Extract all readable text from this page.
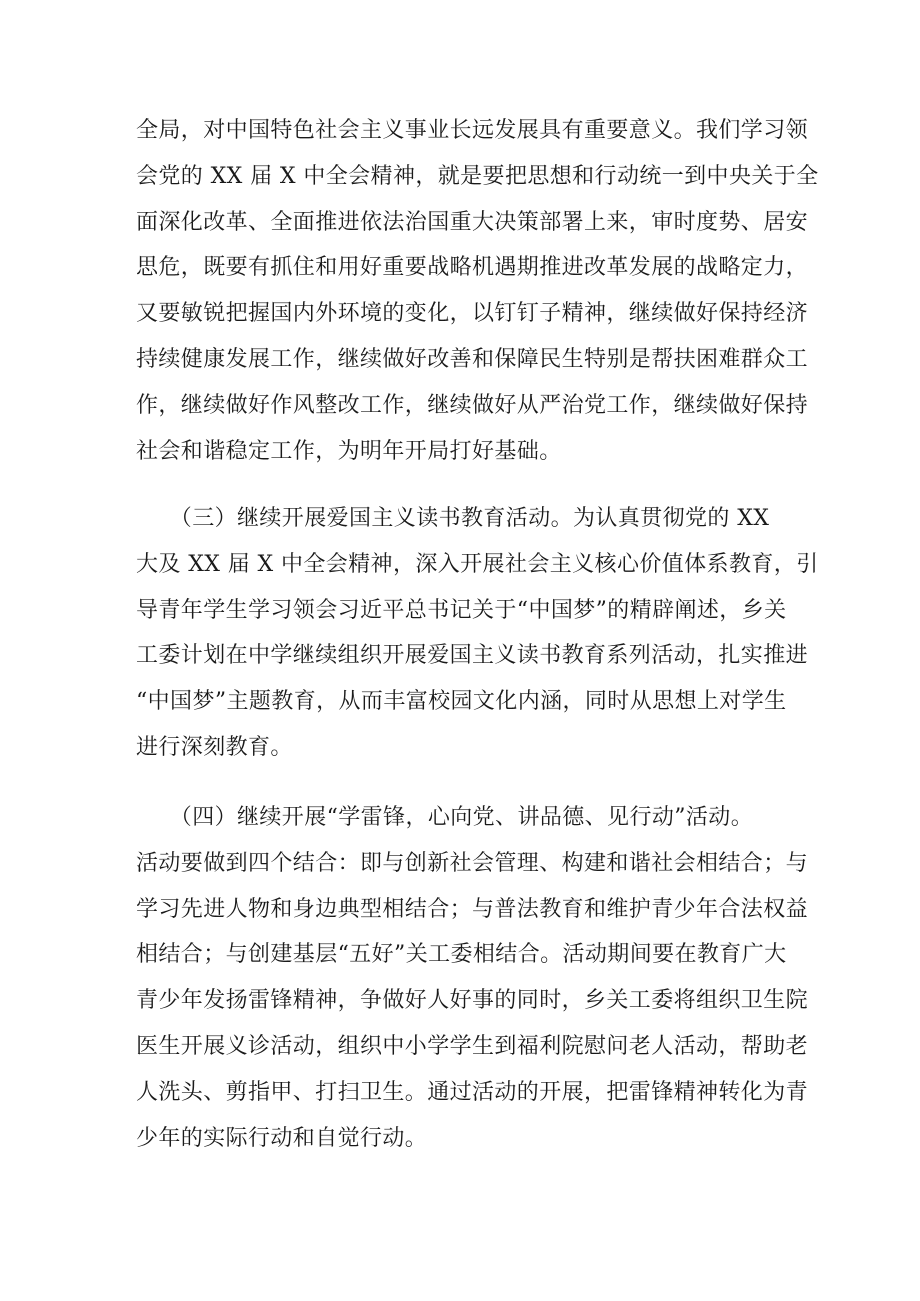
全局，对中国特色社会主义事业长远发展具有重要意义。我们学习领
会党的 XX 届 X 中全会精神，就是要把思想和行动统一到中央关于全
面深化改革、全面推进依法治国重大决策部署上来，审时度势、居安
思危，既要有抓住和用好重要战略机遇期推进改革发展的战略定力，
又要敏锐把握国内外环境的变化，以钉钉子精神，继续做好保持经济
持续健康发展工作，继续做好改善和保障民生特别是帮扶困难群众工
作，继续做好作风整改工作，继续做好从严治党工作，继续做好保持
社会和谐稳定工作，为明年开局打好基础。
　　（三）继续开展爱国主义读书教育活动。为认真贯彻党的 XX
大及 XX 届 X 中全会精神，深入开展社会主义核心价值体系教育，引
导青年学生学习领会习近平总书记关于“中国梦”的精辟阐述，乡关
工委计划在中学继续组织开展爱国主义读书教育系列活动，扎实推进
“中国梦”主题教育，从而丰富校园文化内涵，同时从思想上对学生
进行深刻教育。
　　（四）继续开展“学雷锋，心向党、讲品德、见行动”活动。
活动要做到四个结合：即与创新社会管理、构建和谐社会相结合；与
学习先进人物和身边典型相结合；与普法教育和维护青少年合法权益
相结合；与创建基层“五好”关工委相结合。活动期间要在教育广大
青少年发扬雷锋精神，争做好人好事的同时，乡关工委将组织卫生院
医生开展义诊活动，组织中小学学生到福利院慰问老人活动，帮助老
人洗头、剪指甲、打扫卫生。通过活动的开展，把雷锋精神转化为青
少年的实际行动和自觉行动。
